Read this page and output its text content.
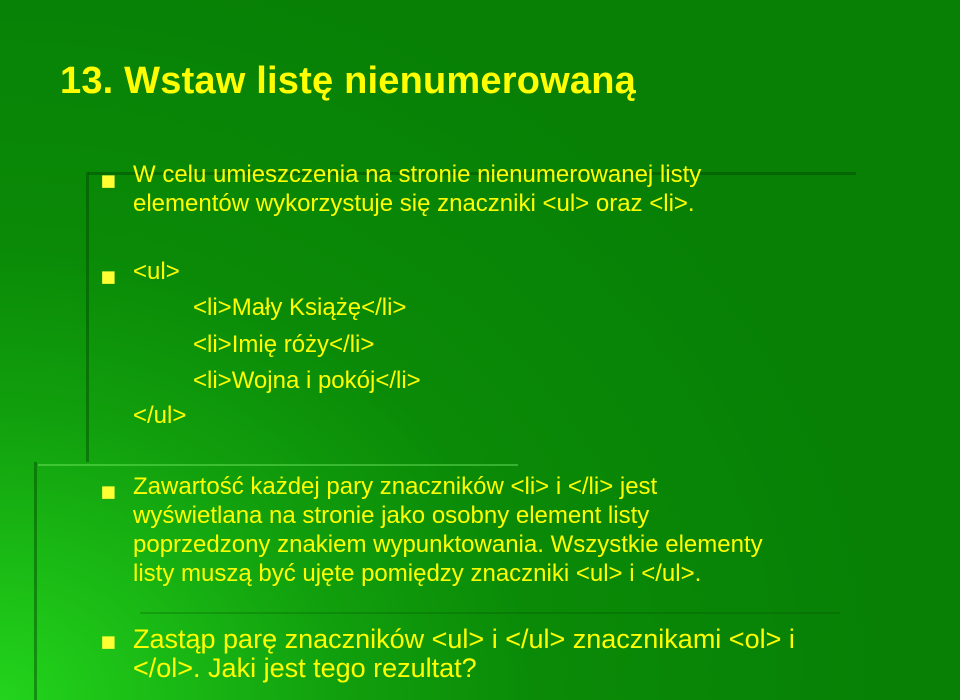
13. Wstaw listę nienumerowaną
▪ W celu umieszczenia na stronie nienumerowanej listy
elementów wykorzystuje się znaczniki <ul> oraz <li>.
▪ <ul>
<li>Mały Książę</li>
<li>Imię róży</li>
<li>Wojna i pokój</li>
</ul>
▪ Zawartość każdej pary znaczników <li> i </li> jest
wyświetlana na stronie jako osobny element listy
poprzedzony znakiem wypunktowania. Wszystkie elementy
listy muszą być ujęte pomiędzy znaczniki <ul> i </ul>.
▪ Zastąp parę znaczników <ul> i </ul> znacznikami <ol> i
</ol>. Jaki jest tego rezultat?
